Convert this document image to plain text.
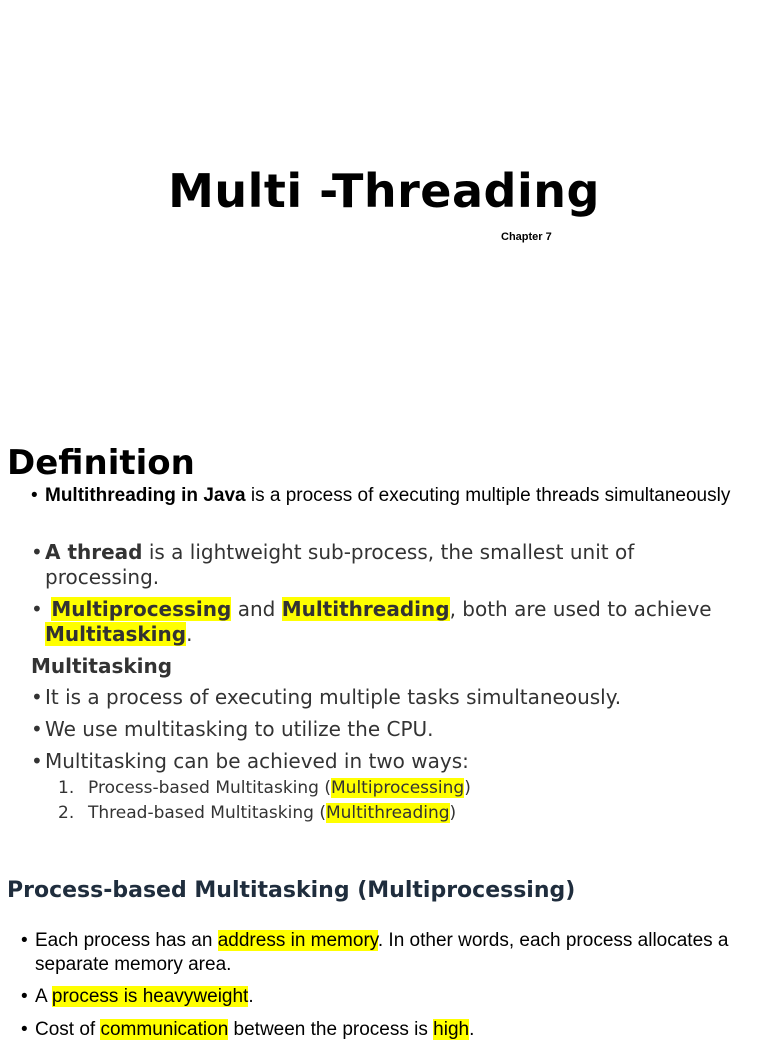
Multi -Threading

Chapter 7

Definition

• Multithreading in Java is a process of executing multiple threads simultaneously

• A thread is a lightweight sub-process, the smallest unit of processing.

• Multiprocessing and Multithreading, both are used to achieve Multitasking.

Multitasking

• It is a process of executing multiple tasks simultaneously.

• We use multitasking to utilize the CPU.

• Multitasking can be achieved in two ways:

1. Process-based Multitasking (Multiprocessing)

2. Thread-based Multitasking (Multithreading)

Process-based Multitasking (Multiprocessing)

• Each process has an address in memory. In other words, each process allocates a separate memory area.

• A process is heavyweight.

• Cost of communication between the process is high.
